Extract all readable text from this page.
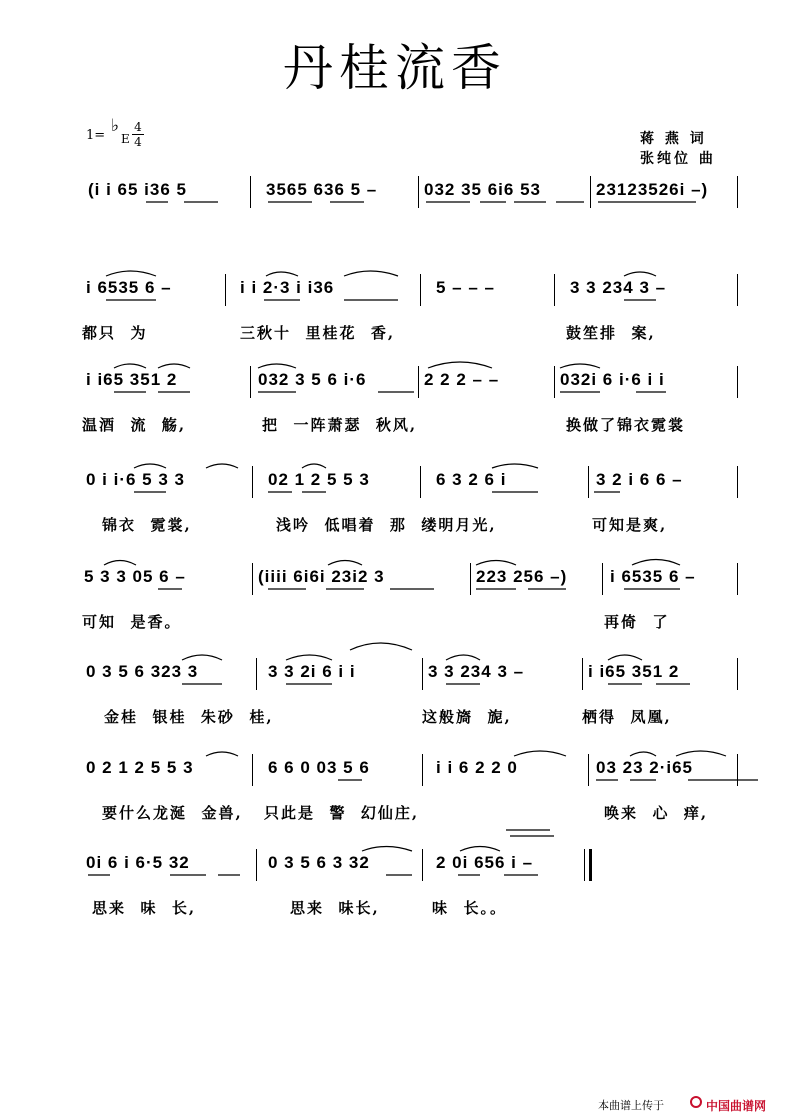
丹桂流香
1= ♭
E
4
4	蒋 燕 词
张纯位 曲
(i i 65 i36 5	3565 636 5 –	032 35 6i6 53	23123526i –)
i 6535 6 –	i i 2·3 i i36	5 – – –	3 3 234 3 –
都只  为	三秋十  里桂花  香,	鼓笙排  案,
i i65 351 2	032 3 5 6 i·6	2 2 2 – –	032i 6 i·6 i i
温酒  流  觞,	把  一阵萧瑟  秋风,	换做了锦衣霓裳
0 i i·6 5 3 3	02 1 2 5 5 3	6 3 2 6 i	3 2 i 6 6 –
锦衣  霓裳,	浅吟  低唱着  那  缕明月光,	可知是爽,
5 3 3 05 6 –	(iiii 6i6i 23i2 3	223 256 –)	i 6535 6 –
可知  是香。	再倚  了
0 3 5 6 323 3	3 3 2i 6 i i	3 3 234 3 –	i i65 351 2
金桂  银桂  朱砂  桂,	这般旖  旎,	栖得  凤凰,
0 2 1 2 5 5 3	6 6 0 03 5 6	i i 6 2 2 0	03 23 2·i65
要什么龙涎  金兽, 只此是  警  幻仙庄,	唤来  心  痒,
0i 6 i 6·5 32	0 3 5 6 3 32	2 0i 656 i –
思来  味  长,	思来  味长,	味  长。。
本曲谱上传于	中国曲谱网
